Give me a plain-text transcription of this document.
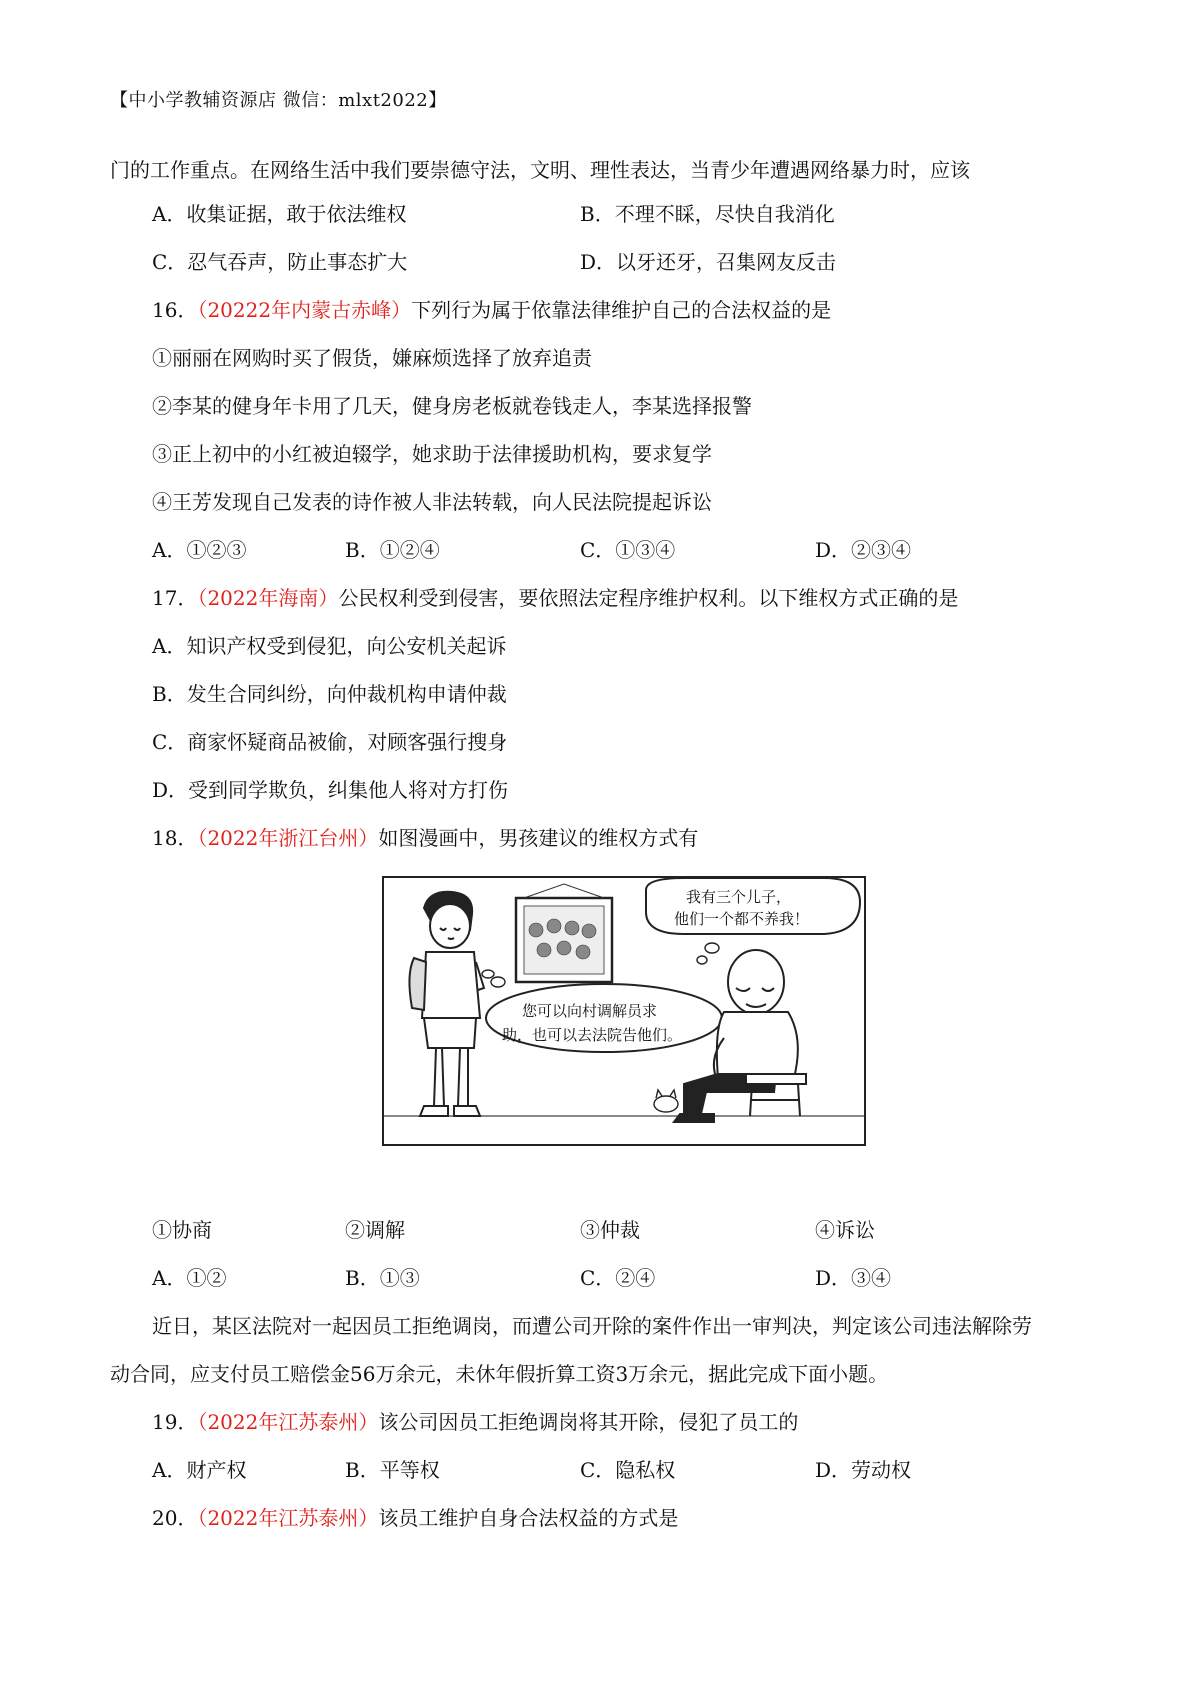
【中小学教辅资源店 微信：mlxt2022】
门的工作重点。在网络生活中我们要崇德守法，文明、理性表达，当青少年遭遇网络暴力时，应该
A．收集证据，敢于依法维权	B．不理不睬，尽快自我消化
C．忍气吞声，防止事态扩大	D．以牙还牙，召集网友反击
16．（20222年内蒙古赤峰）下列行为属于依靠法律维护自己的合法权益的是
①丽丽在网购时买了假货，嫌麻烦选择了放弃追责
②李某的健身年卡用了几天，健身房老板就卷钱走人，李某选择报警
③正上初中的小红被迫辍学，她求助于法律援助机构，要求复学
④王芳发现自己发表的诗作被人非法转载，向人民法院提起诉讼
A．①②③	B．①②④	C．①③④	D．②③④
17．（2022年海南）公民权利受到侵害，要依照法定程序维护权利。以下维权方式正确的是
A．知识产权受到侵犯，向公安机关起诉
B．发生合同纠纷，向仲裁机构申请仲裁
C．商家怀疑商品被偷，对顾客强行搜身
D．受到同学欺负，纠集他人将对方打伤
18．（2022年浙江台州）如图漫画中，男孩建议的维权方式有
我有三个儿子，
他们一个都不养我！
您可以向村调解员求
助，也可以去法院告他们。
①协商	②调解	③仲裁	④诉讼
A．①②	B．①③	C．②④	D．③④
近日，某区法院对一起因员工拒绝调岗，而遭公司开除的案件作出一审判决，判定该公司违法解除劳
动合同，应支付员工赔偿金56万余元，未休年假折算工资3万余元，据此完成下面小题。
19．（2022年江苏泰州）该公司因员工拒绝调岗将其开除，侵犯了员工的
A．财产权	B．平等权	C．隐私权	D．劳动权
20．（2022年江苏泰州）该员工维护自身合法权益的方式是
